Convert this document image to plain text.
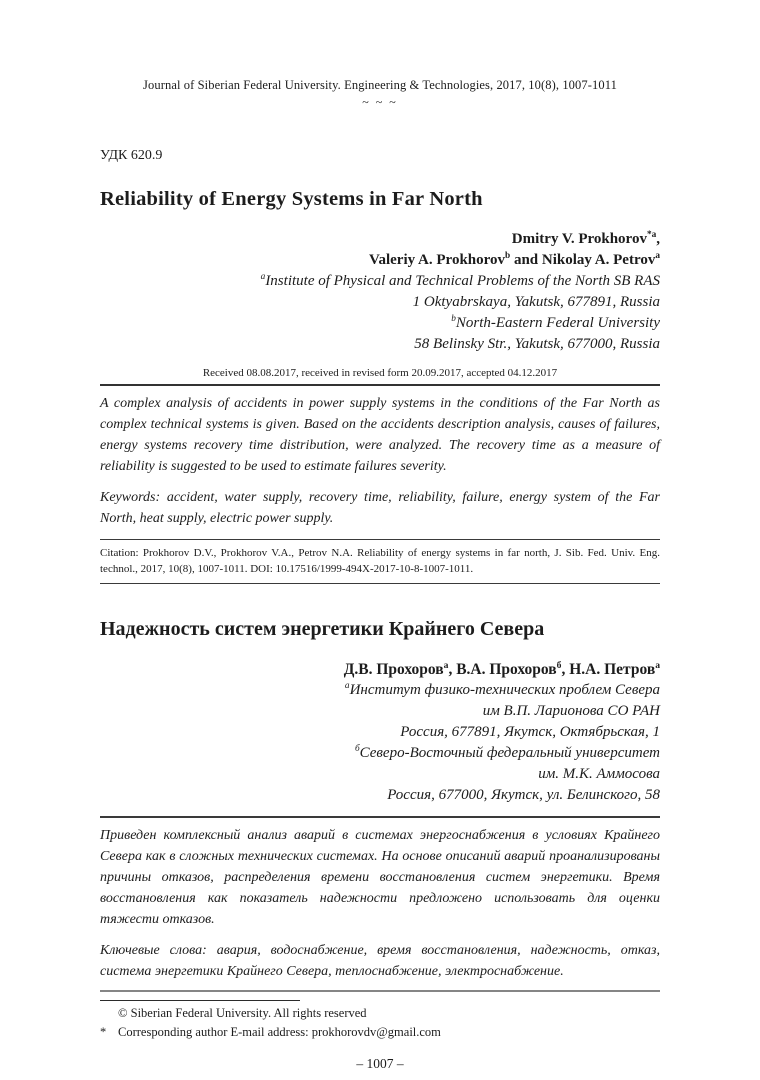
Journal of Siberian Federal University. Engineering & Technologies, 2017, 10(8), 1007-1011
~ ~ ~
УДК 620.9
Reliability of Energy Systems in Far North
Dmitry V. Prokhorov$^{*a}$,
Valeriy A. Prokhorov$^b$ and Nikolay A. Petrov$^a$
$^a$Institute of Physical and Technical Problems of the North SB RAS
1 Oktyabrskaya, Yakutsk, 677891, Russia
$^b$North-Eastern Federal University
58 Belinsky Str., Yakutsk, 677000, Russia
Received 08.08.2017, received in revised form 20.09.2017, accepted 04.12.2017
A complex analysis of accidents in power supply systems in the conditions of the Far North as complex technical systems is given. Based on the accidents description analysis, causes of failures, energy systems recovery time distribution, were analyzed. The recovery time as a measure of reliability is suggested to be used to estimate failures severity.
Keywords: accident, water supply, recovery time, reliability, failure, energy system of the Far North, heat supply, electric power supply.
Citation: Prokhorov D.V., Prokhorov V.A., Petrov N.A. Reliability of energy systems in far north, J. Sib. Fed. Univ. Eng. technol., 2017, 10(8), 1007-1011. DOI: 10.17516/1999-494X-2017-10-8-1007-1011.
Надежность систем энергетики Крайнего Севера
Д.В. Прохоров$^а$, В.А. Прохоров$^б$, Н.А. Петров$^а$
$^а$Институт физико-технических проблем Севера
им В.П. Ларионова СО РАН
Россия, 677891, Якутск, Октябрьская, 1
$^б$Северо-Восточный федеральный университет
им. М.К. Аммосова
Россия, 677000, Якутск, ул. Белинского, 58
Приведен комплексный анализ аварий в системах энергоснабжения в условиях Крайнего Севера как в сложных технических системах. На основе описаний аварий проанализированы причины отказов, распределения времени восстановления систем энергетики. Время восстановления как показатель надежности предложено использовать для оценки тяжести отказов.
Ключевые слова: авария, водоснабжение, время восстановления, надежность, отказ, система энергетики Крайнего Севера, теплоснабжение, электроснабжение.
© Siberian Federal University. All rights reserved
* Corresponding author E-mail address: prokhorovdv@gmail.com
– 1007 –
